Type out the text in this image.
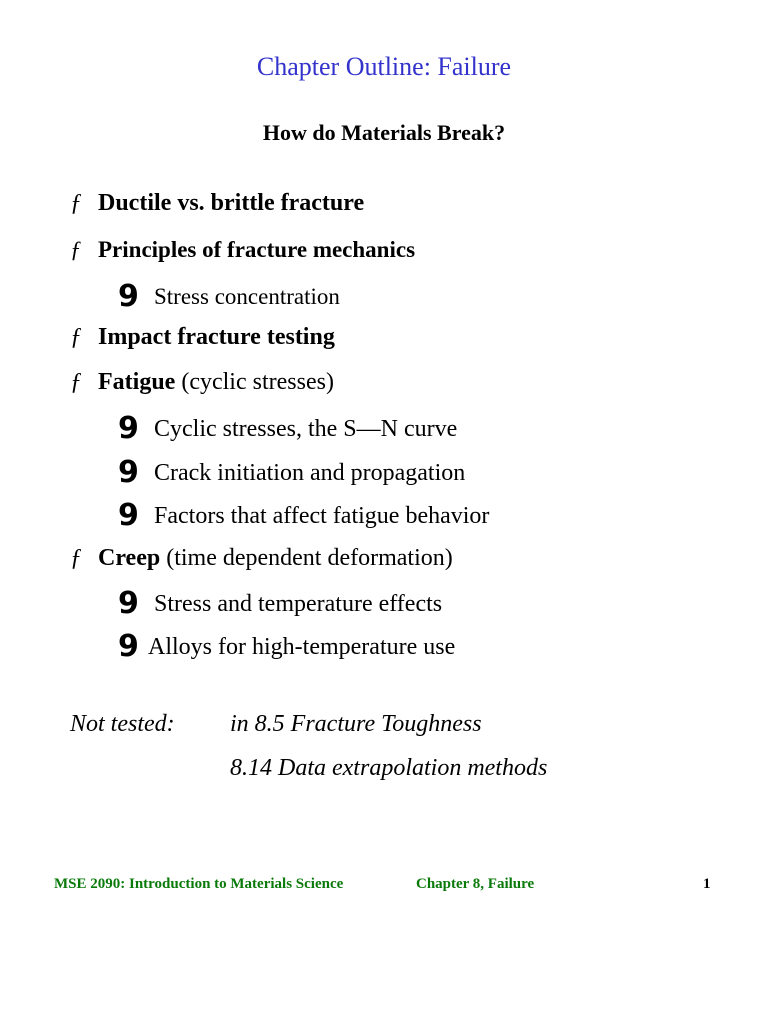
Chapter Outline: Failure
How do Materials Break?
ƒ Ductile vs. brittle fracture
ƒ Principles of fracture mechanics
9 Stress concentration
ƒ Impact fracture testing
ƒ Fatigue (cyclic stresses)
9 Cyclic stresses, the S—N curve
9 Crack initiation and propagation
9 Factors that affect fatigue behavior
ƒ Creep (time dependent deformation)
9 Stress and temperature effects
9 Alloys for high-temperature use
Not tested: in 8.5 Fracture Toughness
8.14 Data extrapolation methods
MSE 2090: Introduction to Materials Science	Chapter 8, Failure	1
